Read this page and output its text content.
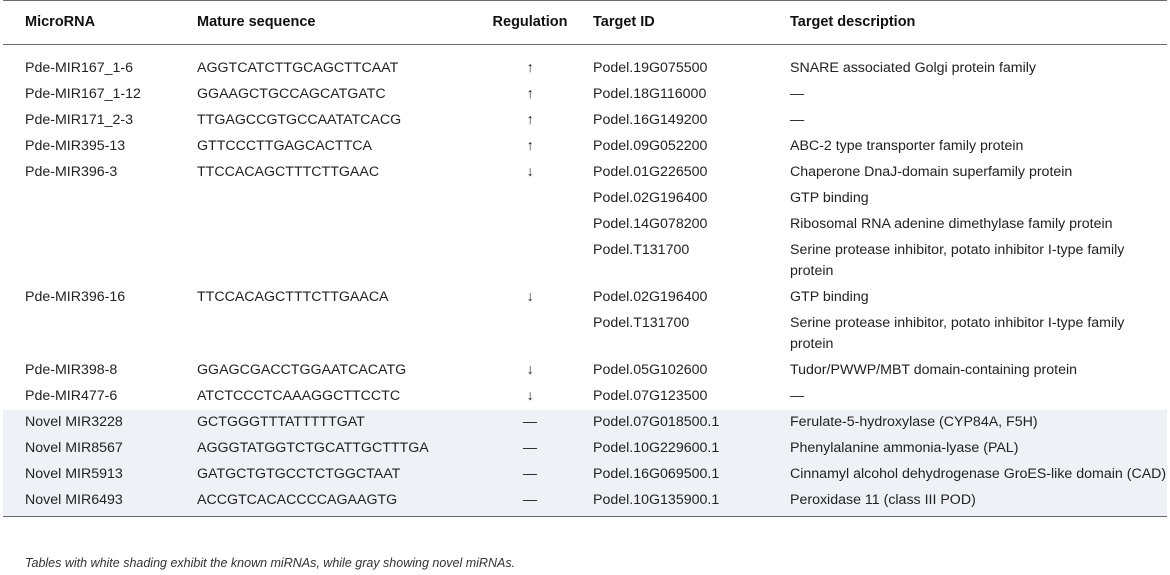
MicroRNA	Mature sequence	Regulation	Target ID	Target description
Pde-MIR167_1-6	AGGTCATCTTGCAGCTTCAAT	↑	Podel.19G075500	SNARE associated Golgi protein family
Pde-MIR167_1-12	GGAAGCTGCCAGCATGATC	↑	Podel.18G116000	—
Pde-MIR171_2-3	TTGAGCCGTGCCAATATCACG	↑	Podel.16G149200	—
Pde-MIR395-13	GTTCCCTTGAGCACTTCA	↑	Podel.09G052200	ABC-2 type transporter family protein
Pde-MIR396-3	TTCCACAGCTTTCTTGAAC	↓	Podel.01G226500	Chaperone DnaJ-domain superfamily protein
			Podel.02G196400	GTP binding
			Podel.14G078200	Ribosomal RNA adenine dimethylase family protein
			Podel.T131700	Serine protease inhibitor, potato inhibitor I-type family protein
Pde-MIR396-16	TTCCACAGCTTTCTTGAACA	↓	Podel.02G196400	GTP binding
			Podel.T131700	Serine protease inhibitor, potato inhibitor I-type family protein
Pde-MIR398-8	GGAGCGACCTGGAATCACATG	↓	Podel.05G102600	Tudor/PWWP/MBT domain-containing protein
Pde-MIR477-6	ATCTCCCTCAAAGGCTTCCTC	↓	Podel.07G123500	—
Novel MIR3228	GCTGGGTTTATTTTTGAT	—	Podel.07G018500.1	Ferulate-5-hydroxylase (CYP84A, F5H)
Novel MIR8567	AGGGTATGGTCTGCATTGCTTTGA	—	Podel.10G229600.1	Phenylalanine ammonia-lyase (PAL)
Novel MIR5913	GATGCTGTGCCTCTGGCTAAT	—	Podel.16G069500.1	Cinnamyl alcohol dehydrogenase GroES-like domain (CAD)
Novel MIR6493	ACCGTCACACCCCAGAAGTG	—	Podel.10G135900.1	Peroxidase 11 (class III POD)
Tables with white shading exhibit the known miRNAs, while gray showing novel miRNAs.
